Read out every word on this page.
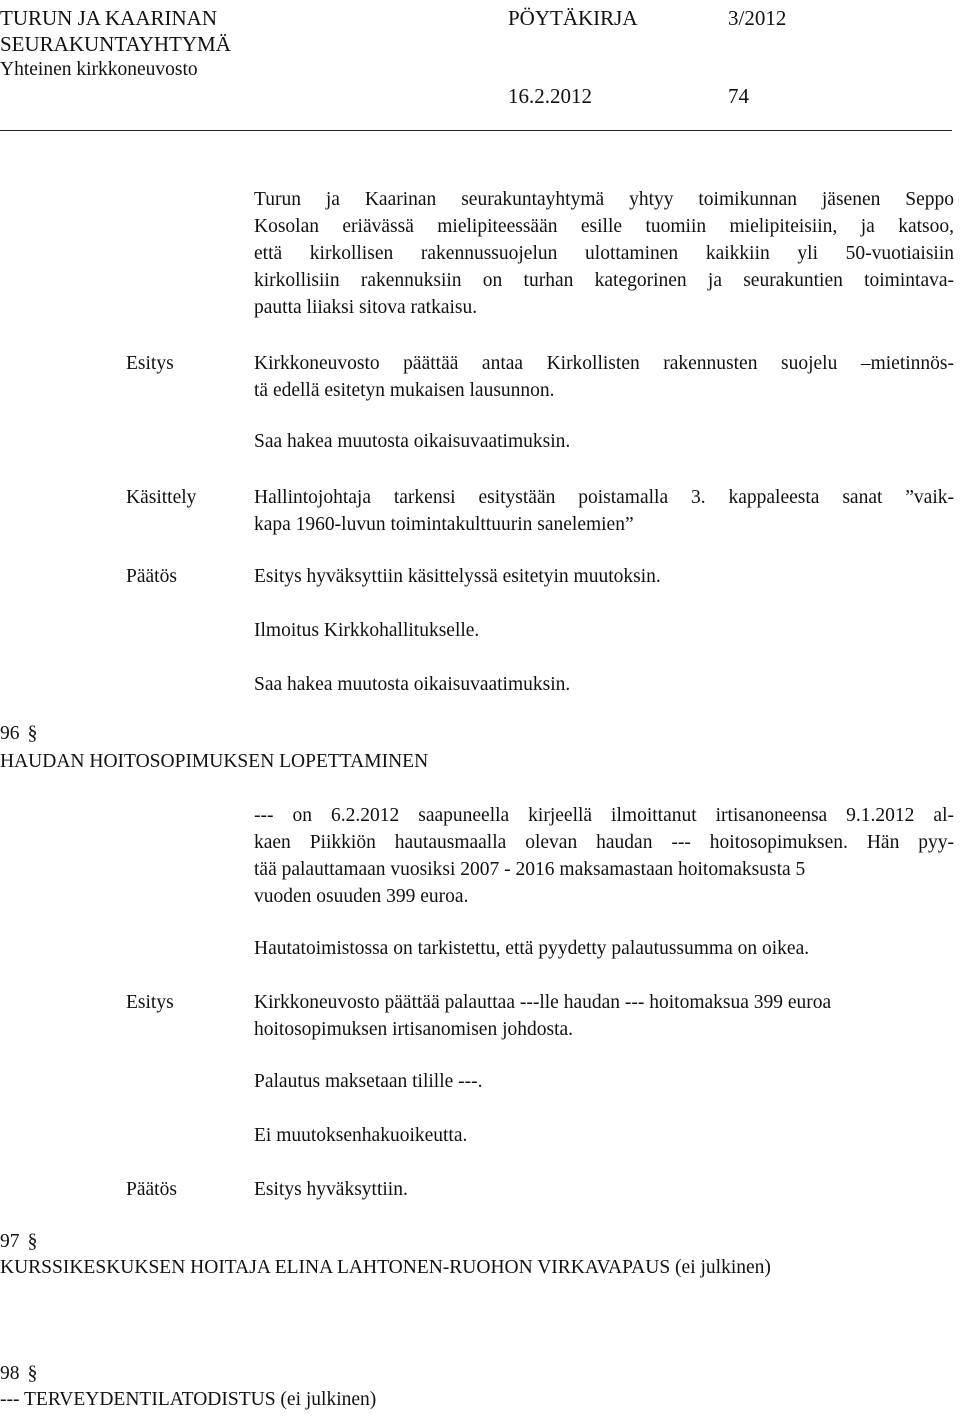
TURUN JA KAARINAN
SEURAKUNTAYHTYMÄ
Yhteinen kirkkoneuvosto
PÖYTÄKIRJA	3/2012
16.2.2012	74
Turun ja Kaarinan seurakuntayhtymä yhtyy toimikunnan jäsenen Seppo
Kosolan eriävässä mielipiteessään esille tuomiin mielipiteisiin, ja katsoo,
että kirkollisen rakennussuojelun ulottaminen kaikkiin yli 50-vuotiaisiin
kirkollisiin rakennuksiin on turhan kategorinen ja seurakuntien toimintava-
pautta liiaksi sitova ratkaisu.
Esitys	Kirkkoneuvosto päättää antaa Kirkollisten rakennusten suojelu –mietinnös-
tä edellä esitetyn mukaisen lausunnon.
Saa hakea muutosta oikaisuvaatimuksin.
Käsittely	Hallintojohtaja tarkensi esitystään poistamalla 3. kappaleesta sanat ”vaik-
kapa 1960-luvun toimintakulttuurin sanelemien”
Päätös	Esitys hyväksyttiin käsittelyssä esitetyin muutoksin.
Ilmoitus Kirkkohallitukselle.
Saa hakea muutosta oikaisuvaatimuksin.
96 §
HAUDAN HOITOSOPIMUKSEN LOPETTAMINEN
--- on 6.2.2012 saapuneella kirjeellä ilmoittanut irtisanoneensa 9.1.2012 al-
kaen Piikkiön hautausmaalla olevan haudan --- hoitosopimuksen. Hän pyy-
tää palauttamaan vuosiksi 2007 - 2016 maksamastaan hoitomaksusta 5
vuoden osuuden 399 euroa.
Hautatoimistossa on tarkistettu, että pyydetty palautussumma on oikea.
Esitys	Kirkkoneuvosto päättää palauttaa ---lle haudan --- hoitomaksua 399 euroa
hoitosopimuksen irtisanomisen johdosta.
Palautus maksetaan tilille ---.
Ei muutoksenhakuoikeutta.
Päätös	Esitys hyväksyttiin.
97 §
KURSSIKESKUKSEN HOITAJA ELINA LAHTONEN-RUOHON VIRKAVAPAUS (ei julkinen)
98 §
--- TERVEYDENTILATODISTUS (ei julkinen)
